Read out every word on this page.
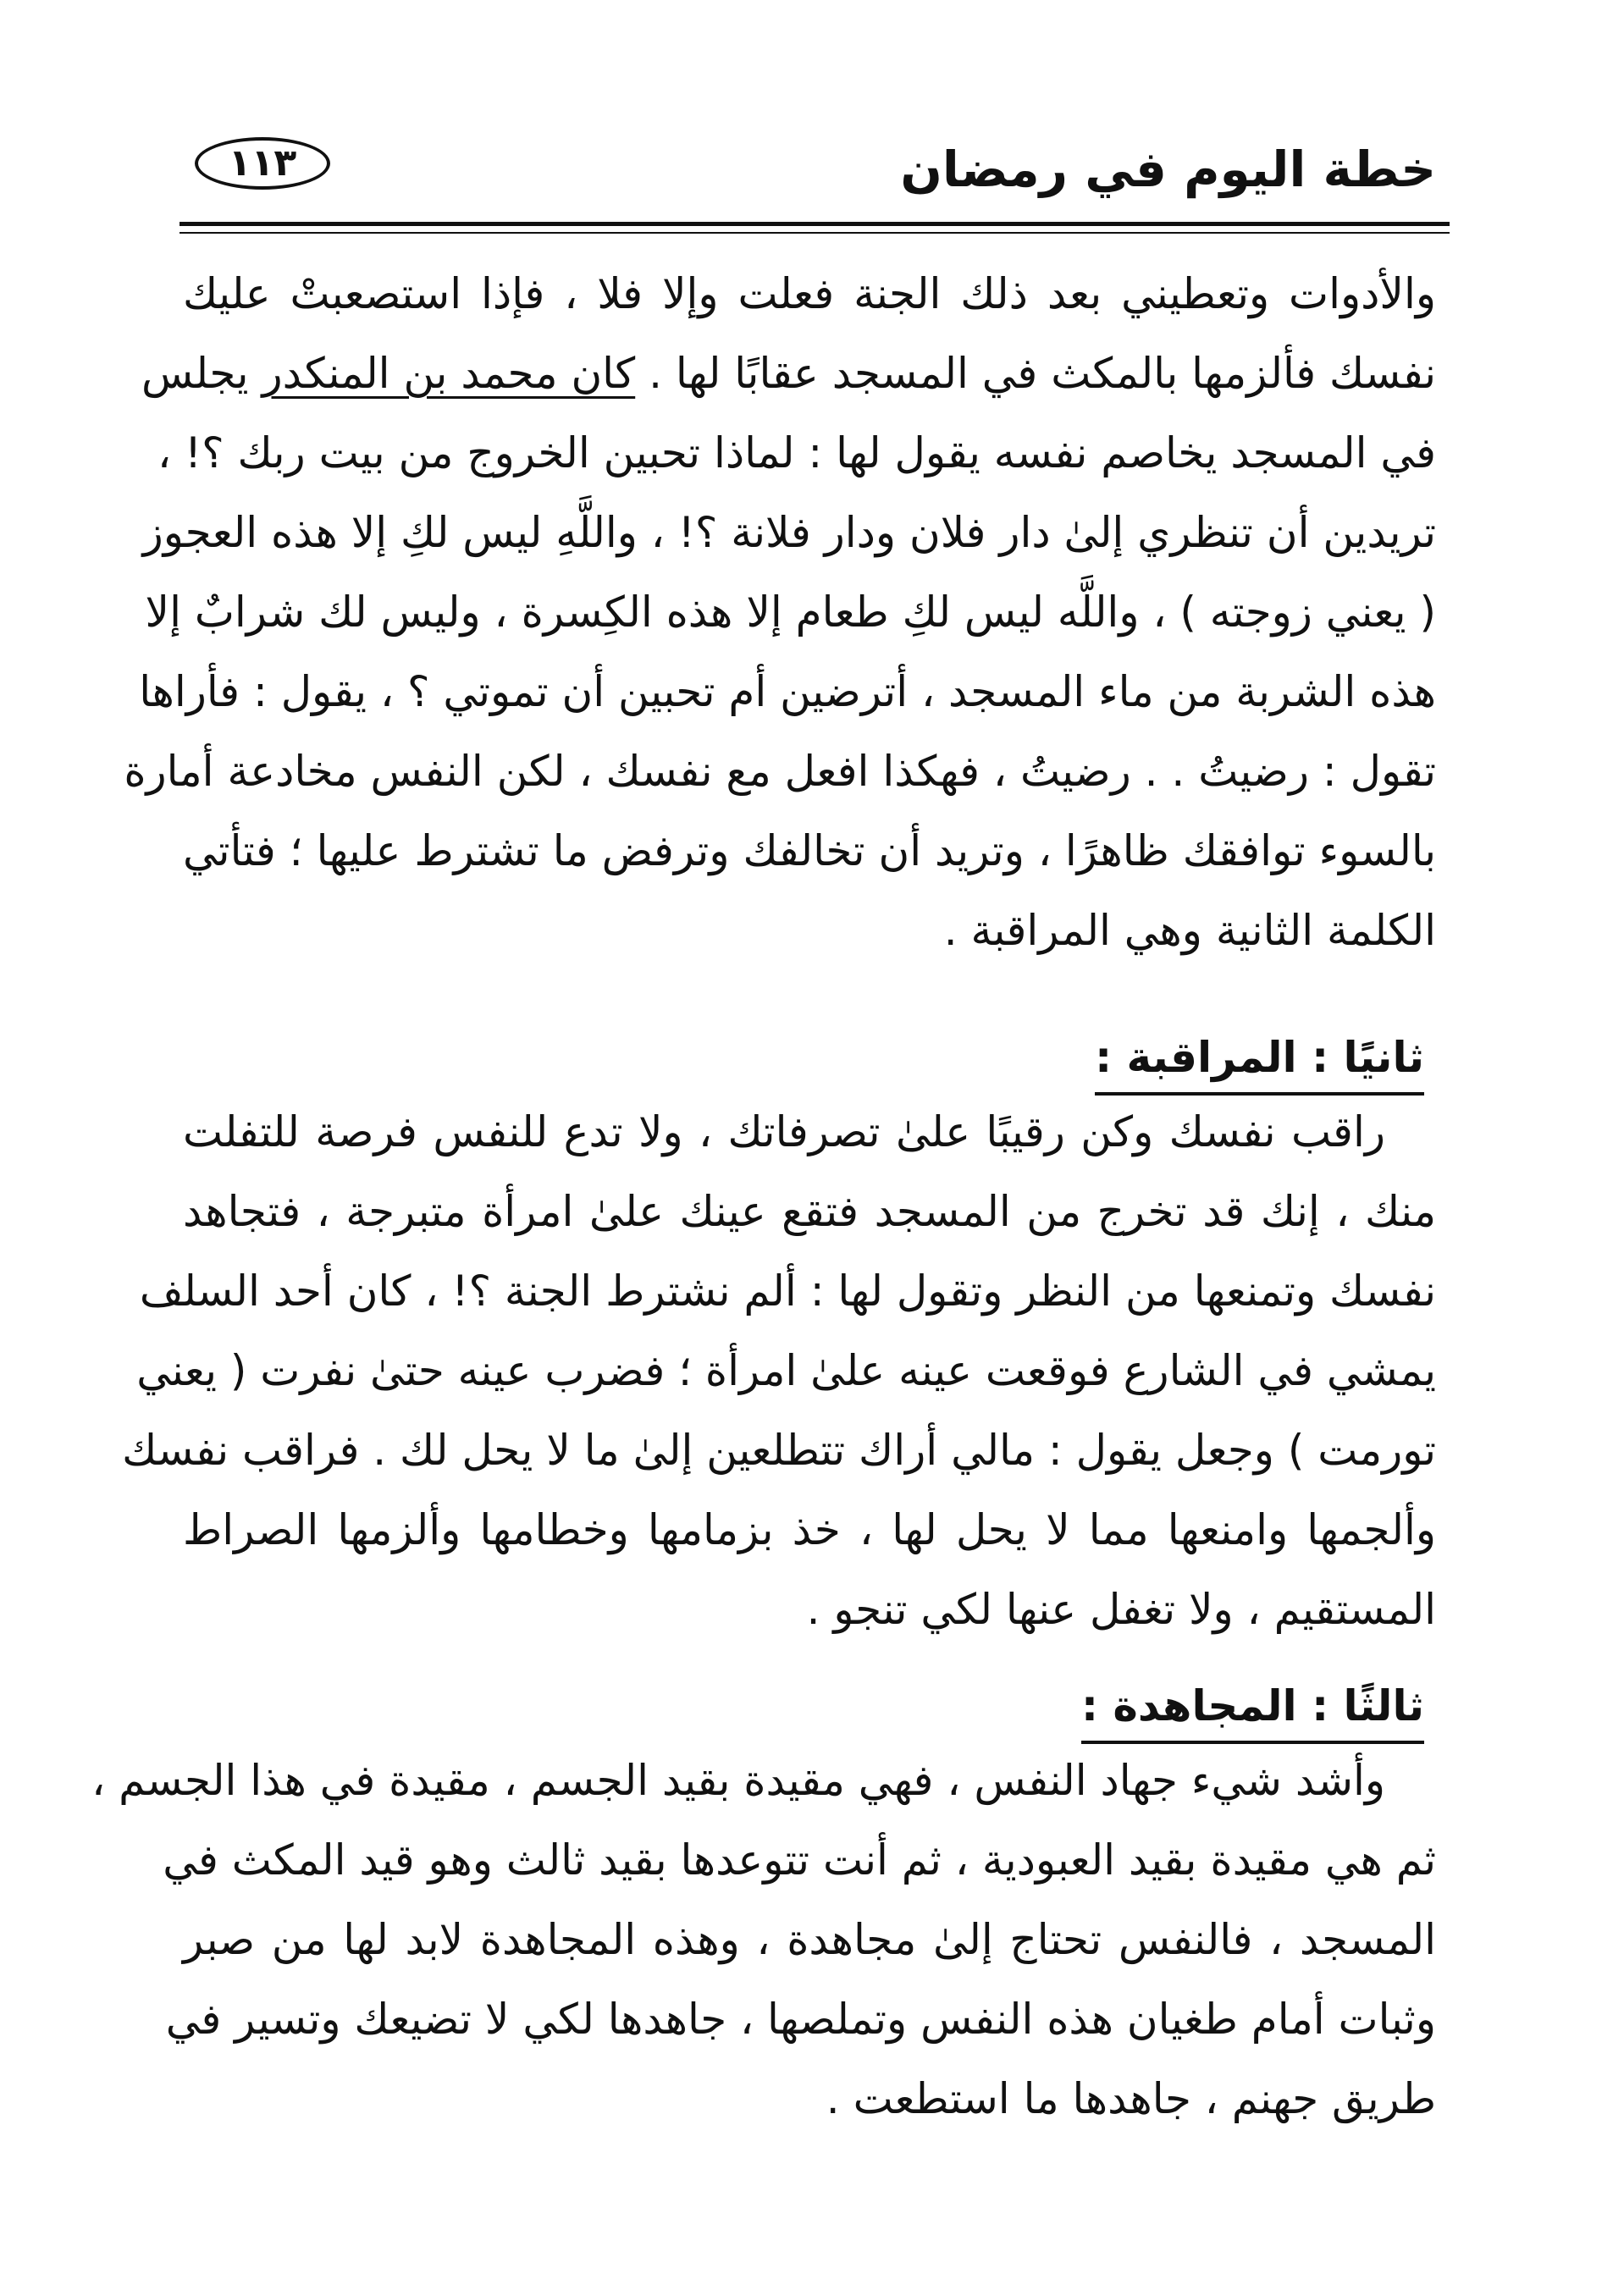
خطة اليوم في رمضان
١١٣
والأدوات وتعطيني بعد ذلك الجنة فعلت وإلا فلا ، فإذا استصعبتْ عليك
نفسك فألزمها بالمكث في المسجد عقابًا لها . كان محمد بن المنكدر يجلس
في المسجد يخاصم نفسه يقول لها : لماذا تحبين الخروج من بيت ربك ؟! ،
تريدين أن تنظري إلىٰ دار فلان ودار فلانة ؟! ، واللَّهِ ليس لكِ إلا هذه العجوز
( يعني زوجته ) ، واللَّه ليس لكِ طعام إلا هذه الكِسرة ، وليس لك شرابٌ إلا
هذه الشربة من ماء المسجد ، أترضين أم تحبين أن تموتي ؟ ، يقول : فأراها
تقول : رضيتُ . . رضيتُ ، فهكذا افعل مع نفسك ، لكن النفس مخادعة أمارة
بالسوء توافقك ظاهرًا ، وتريد أن تخالفك وترفض ما تشترط عليها ؛ فتأتي
الكلمة الثانية وهي المراقبة .
ثانيًا : المراقبة :
راقب نفسك وكن رقيبًا علىٰ تصرفاتك ، ولا تدع للنفس فرصة للتفلت
منك ، إنك قد تخرج من المسجد فتقع عينك علىٰ امرأة متبرجة ، فتجاهد
نفسك وتمنعها من النظر وتقول لها : ألم نشترط الجنة ؟! ، كان أحد السلف
يمشي في الشارع فوقعت عينه علىٰ امرأة ؛ فضرب عينه حتىٰ نفرت ( يعني
تورمت ) وجعل يقول : مالي أراك تتطلعين إلىٰ ما لا يحل لك . فراقب نفسك
وألجمها وامنعها مما لا يحل لها ، خذ بزمامها وخطامها وألزمها الصراط
المستقيم ، ولا تغفل عنها لكي تنجو .
ثالثًا : المجاهدة :
وأشد شيء جهاد النفس ، فهي مقيدة بقيد الجسم ، مقيدة في هذا الجسم ،
ثم هي مقيدة بقيد العبودية ، ثم أنت تتوعدها بقيد ثالث وهو قيد المكث في
المسجد ، فالنفس تحتاج إلىٰ مجاهدة ، وهذه المجاهدة لابد لها من صبر
وثبات أمام طغيان هذه النفس وتملصها ، جاهدها لكي لا تضيعك وتسير في
طريق جهنم ، جاهدها ما استطعت .
